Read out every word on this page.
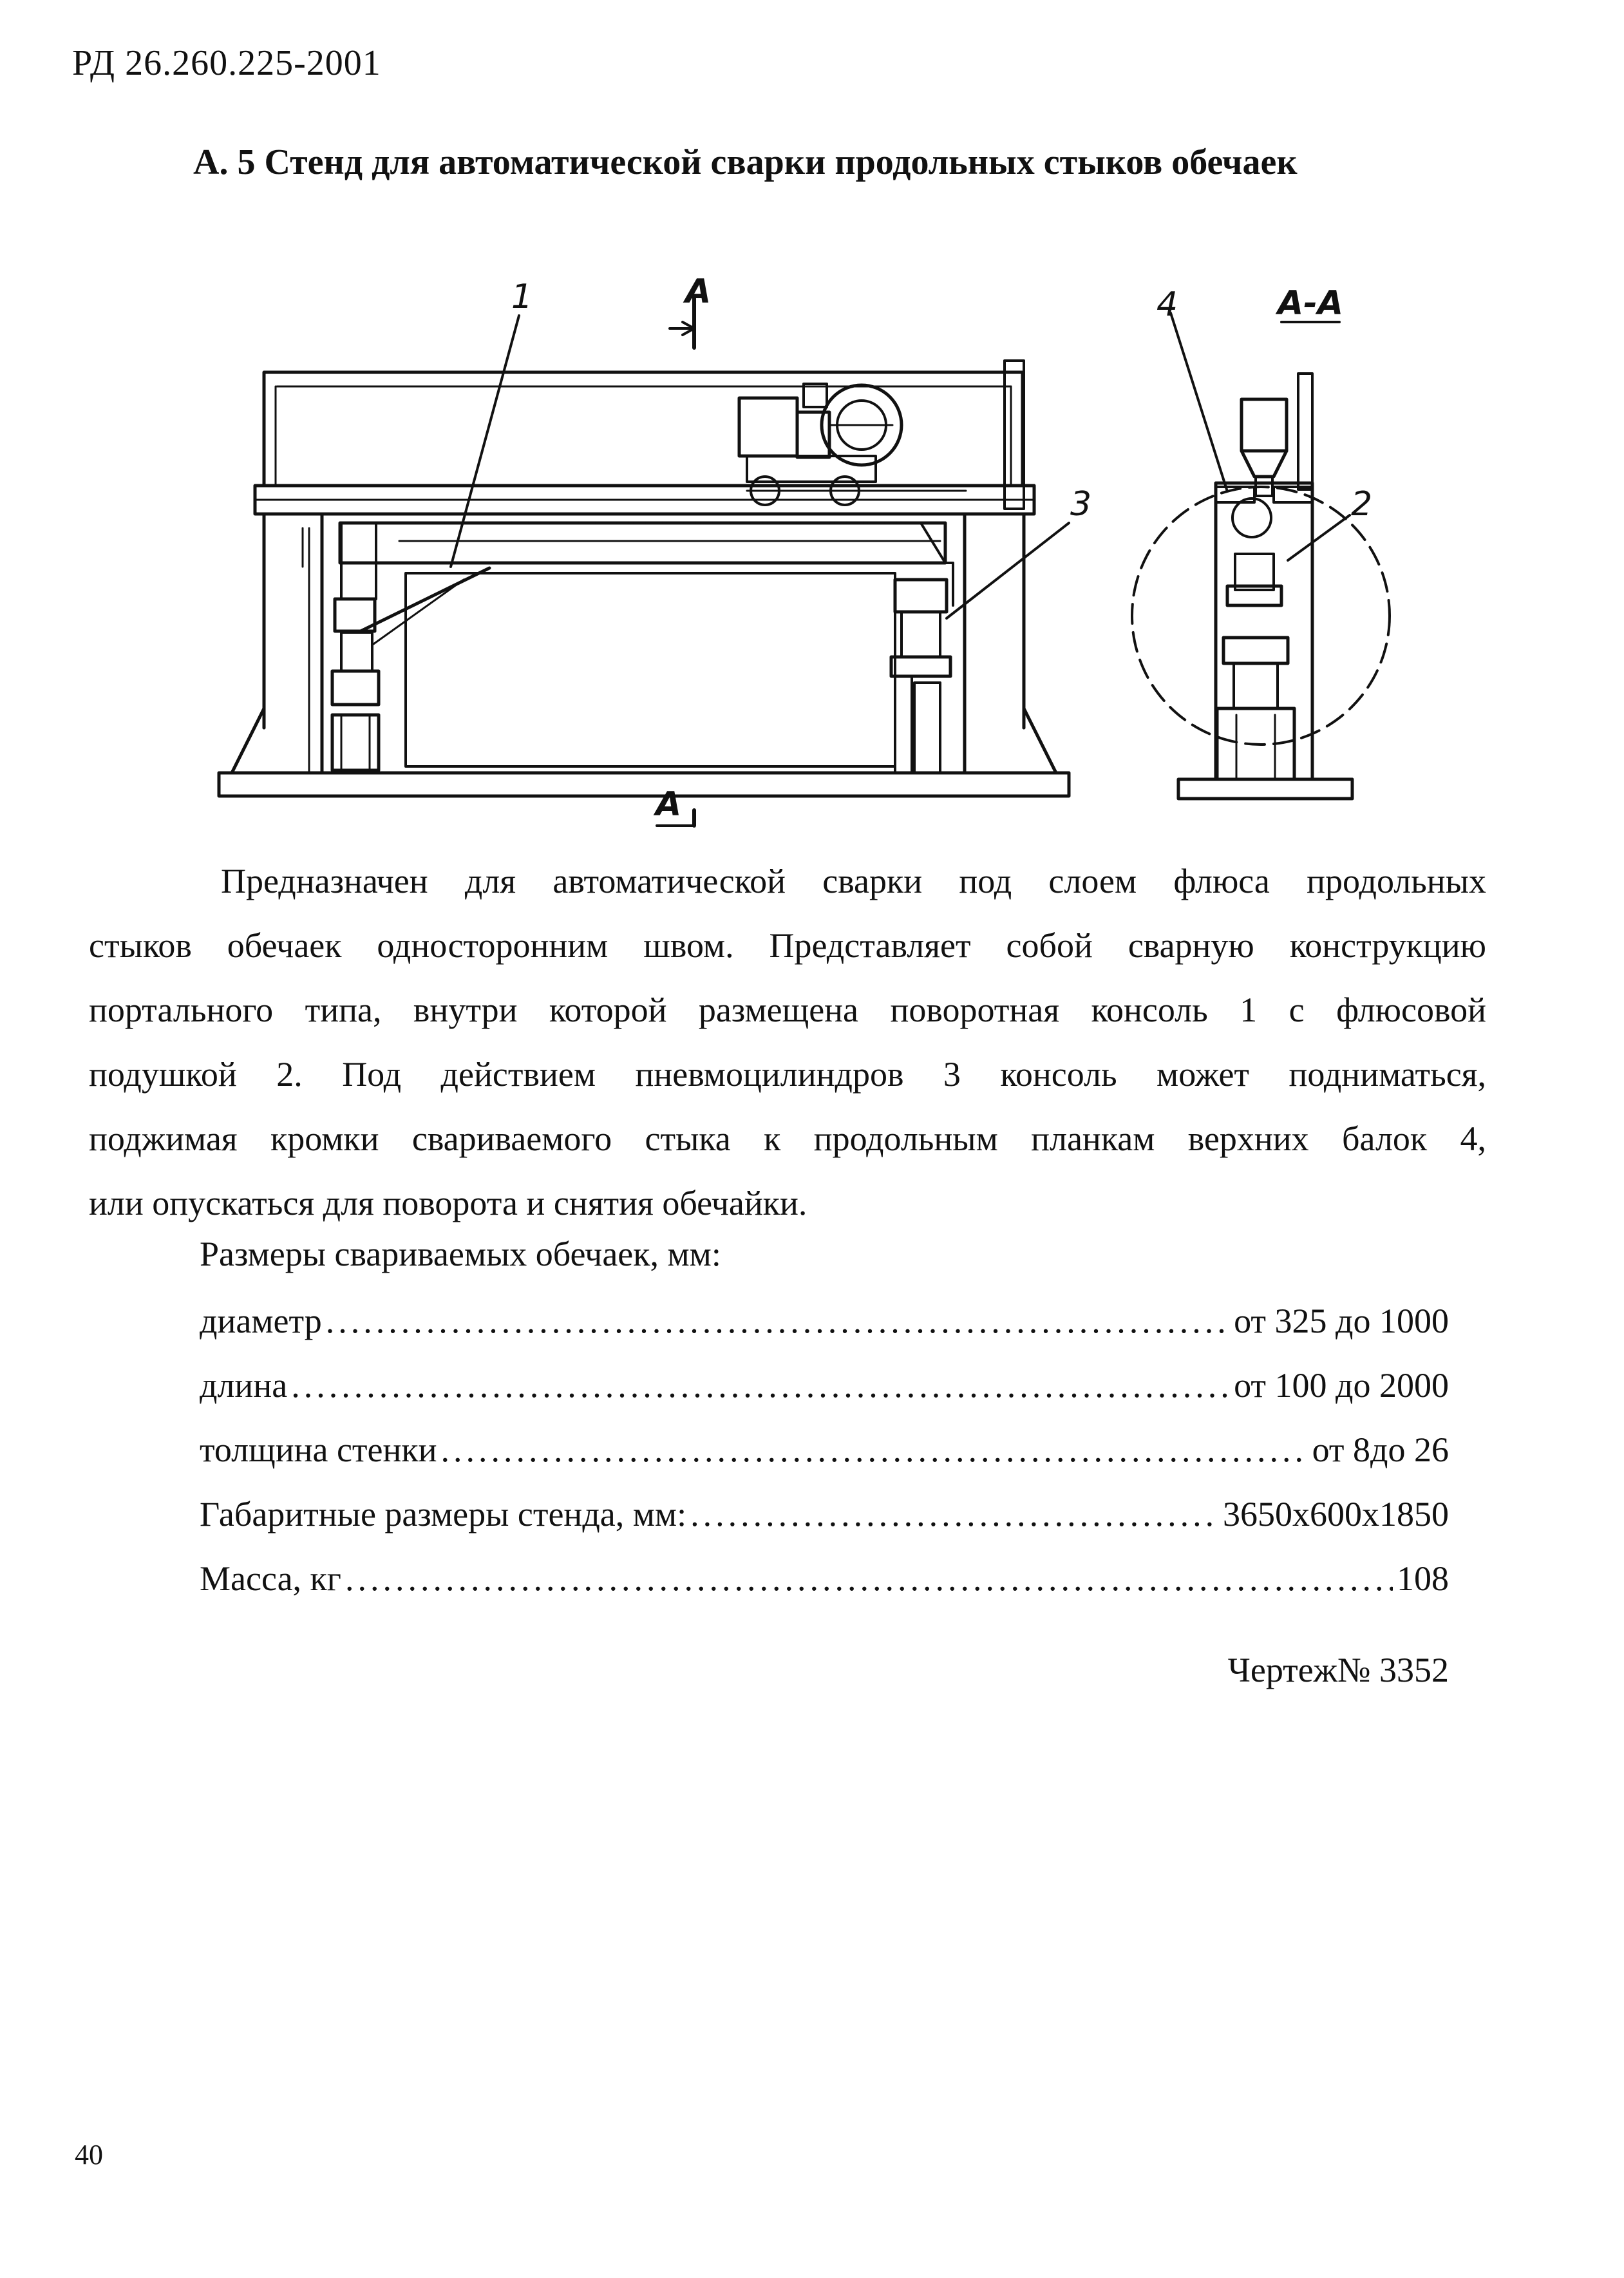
РД 26.260.225-2001
А. 5 Стенд для автоматической сварки продольных стыков обечаек
1
2
3
4
А
А
А-А
Предназначен для автоматической сварки под слоем флюса продольных
стыков обечаек односторонним швом. Представляет собой сварную конструкцию
портального типа, внутри которой размещена поворотная консоль 1 с флюсовой
подушкой 2. Под действием пневмоцилиндров 3 консоль может подниматься,
поджимая кромки свариваемого стыка к продольным планкам верхних балок 4,
или опускаться для поворота и снятия обечайки.
Размеры свариваемых обечаек, мм:
диаметр .....	от 325 до 1000
длина .....	от 100 до 2000
толщина стенки .....	от 8до 26
Габаритные размеры стенда, мм: .....	3650х600х1850
Масса, кг .....	108
Чертеж№ 3352
40
